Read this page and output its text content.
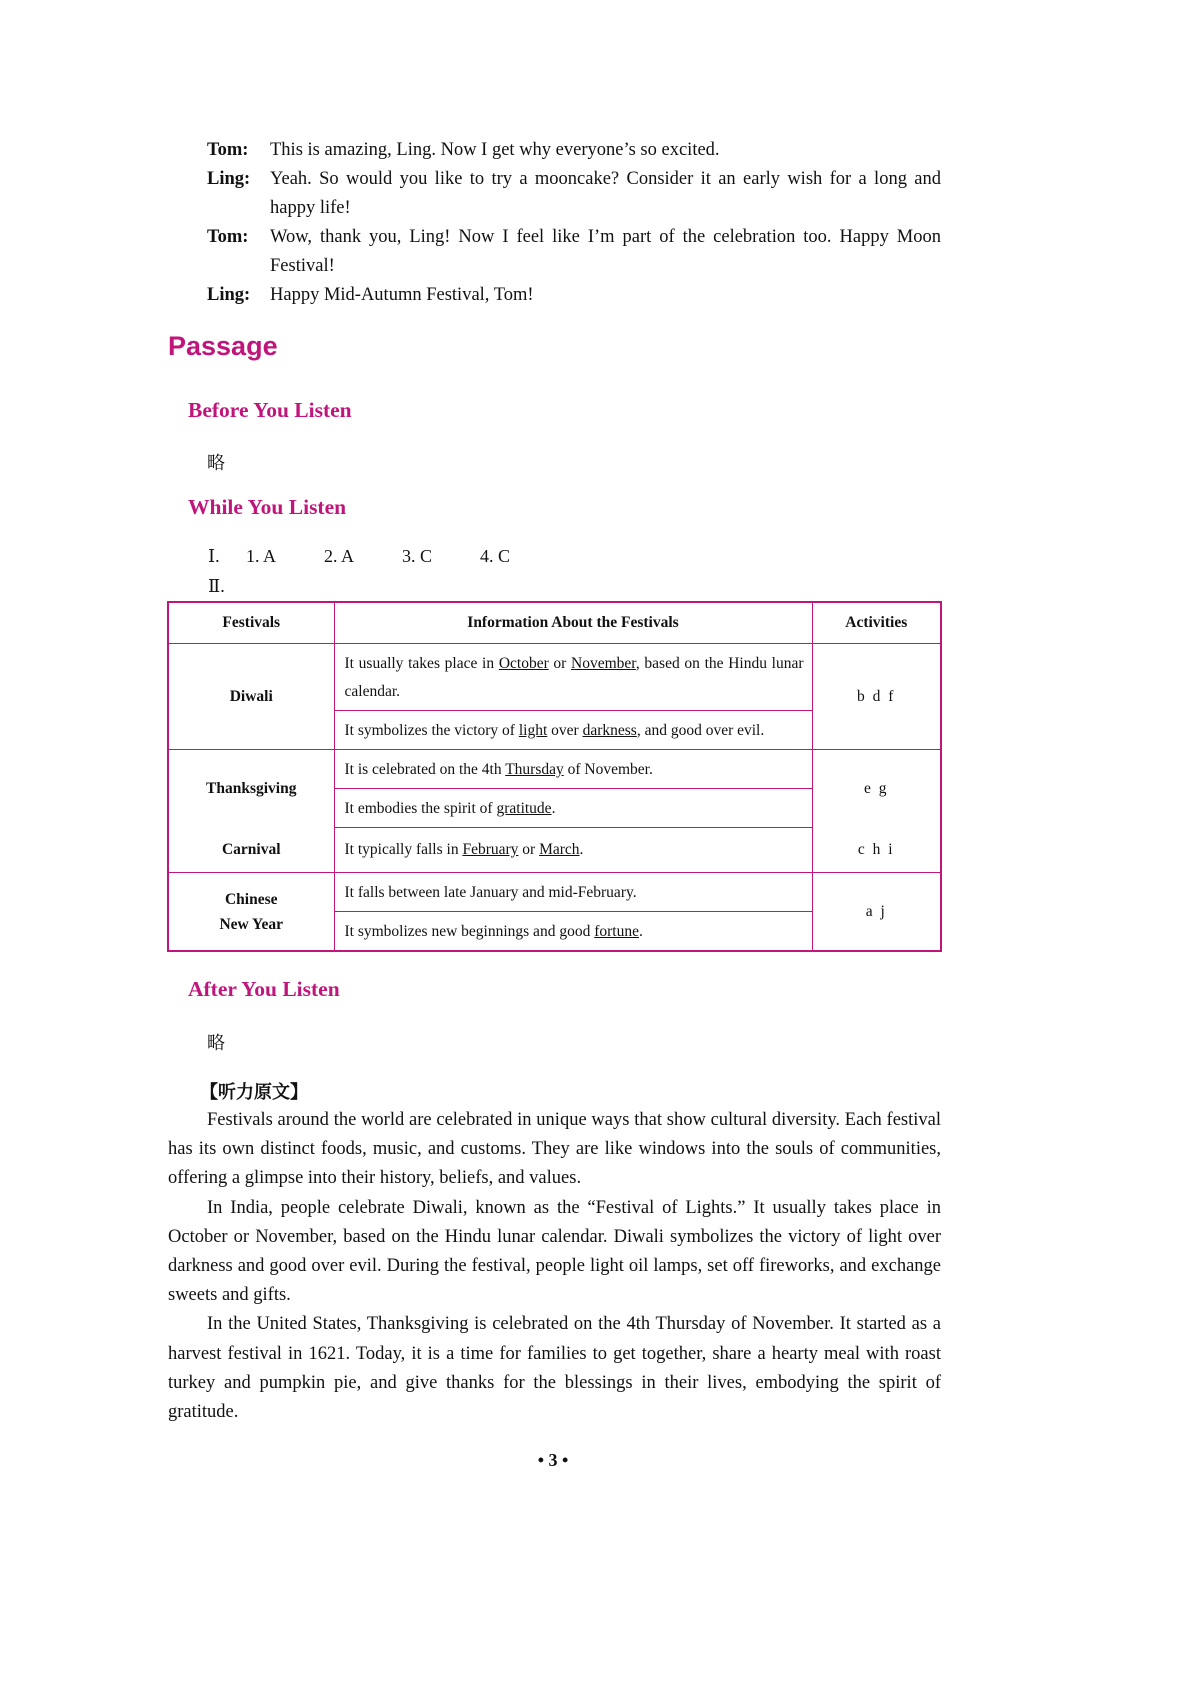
Tom: This is amazing, Ling. Now I get why everyone’s so excited.
Ling: Yeah. So would you like to try a mooncake? Consider it an early wish for a long and happy life!
Tom: Wow, thank you, Ling! Now I feel like I’m part of the celebration too. Happy Moon Festival!
Ling: Happy Mid-Autumn Festival, Tom!
Passage
Before You Listen
略
While You Listen
Ⅰ.	1. A	2. A	3. C	4. C
Ⅱ.
Festivals	Information About the Festivals	Activities
Diwali	It usually takes place in October or November, based on the Hindu lunar calendar.	b d f
	It symbolizes the victory of light over darkness, and good over evil.	
Thanksgiving	It is celebrated on the 4th Thursday of November.	e g
	It embodies the spirit of gratitude.	
Carnival	It typically falls in February or March.	c h i
Chinese
New Year	It falls between late January and mid-February.	a j
	It symbolizes new beginnings and good fortune.	
After You Listen
略
【听力原文】

Festivals around the world are celebrated in unique ways that show cultural diversity. Each festival has its own distinct foods, music, and customs. They are like windows into the souls of communities, offering a glimpse into their history, beliefs, and values.

In India, people celebrate Diwali, known as the “Festival of Lights.” It usually takes place in October or November, based on the Hindu lunar calendar. Diwali symbolizes the victory of light over darkness and good over evil. During the festival, people light oil lamps, set off fireworks, and exchange sweets and gifts.

In the United States, Thanksgiving is celebrated on the 4th Thursday of November. It started as a harvest festival in 1621. Today, it is a time for families to get together, share a hearty meal with roast turkey and pumpkin pie, and give thanks for the blessings in their lives, embodying the spirit of gratitude.

• 3 •
